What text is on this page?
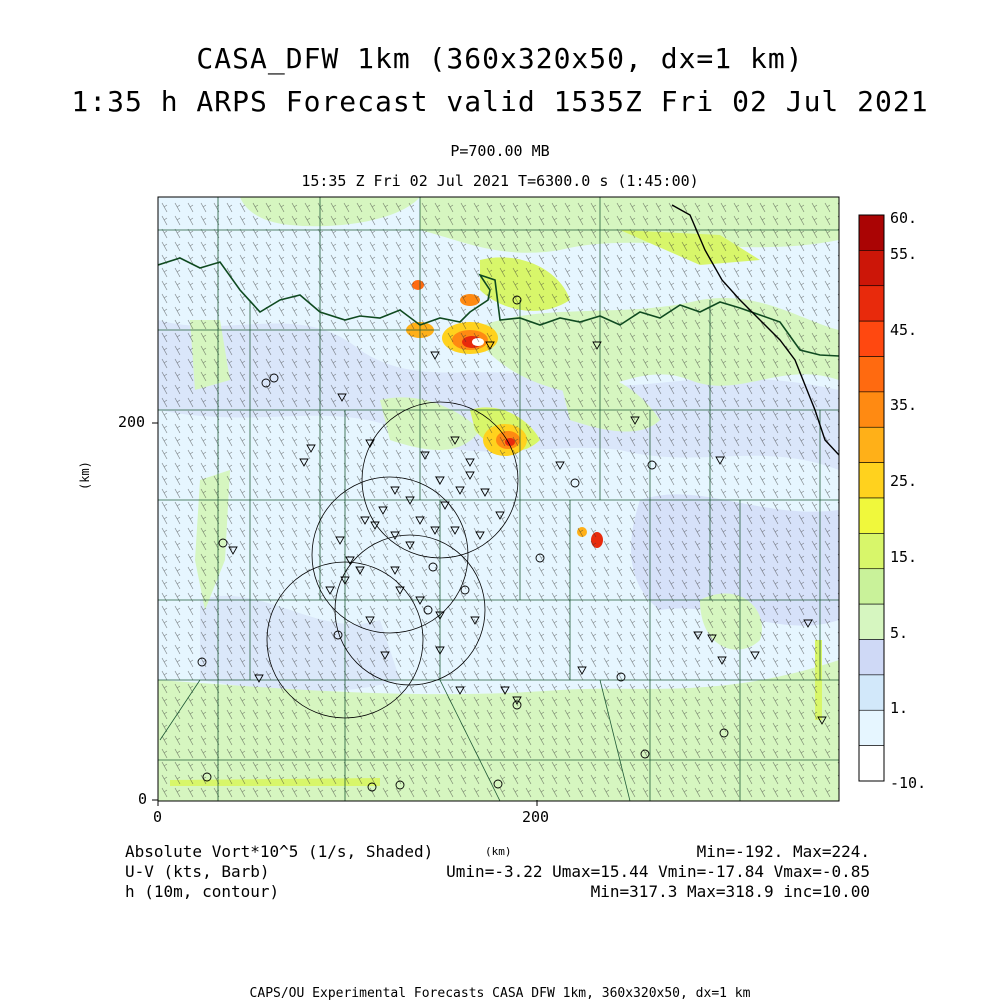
CASA_DFW 1km (360x320x50, dx=1 km)
1:35 h ARPS Forecast valid 1535Z Fri 02 Jul 2021
P=700.00 MB
15:35 Z Fri 02 Jul 2021 T=6300.0 s (1:45:00)
200
0
0	200
(km)
(km)
60.
55.
45.
35.
25.
15.
5.
1.
-10.
Absolute Vort*10^5 (1/s, Shaded)
U-V (kts, Barb)
h (10m, contour)
Min=-192. Max=224.
Umin=-3.22 Umax=15.44 Vmin=-17.84 Vmax=-0.85
Min=317.3 Max=318.9 inc=10.00
CAPS/OU Experimental Forecasts CASA DFW 1km, 360x320x50, dx=1 km
